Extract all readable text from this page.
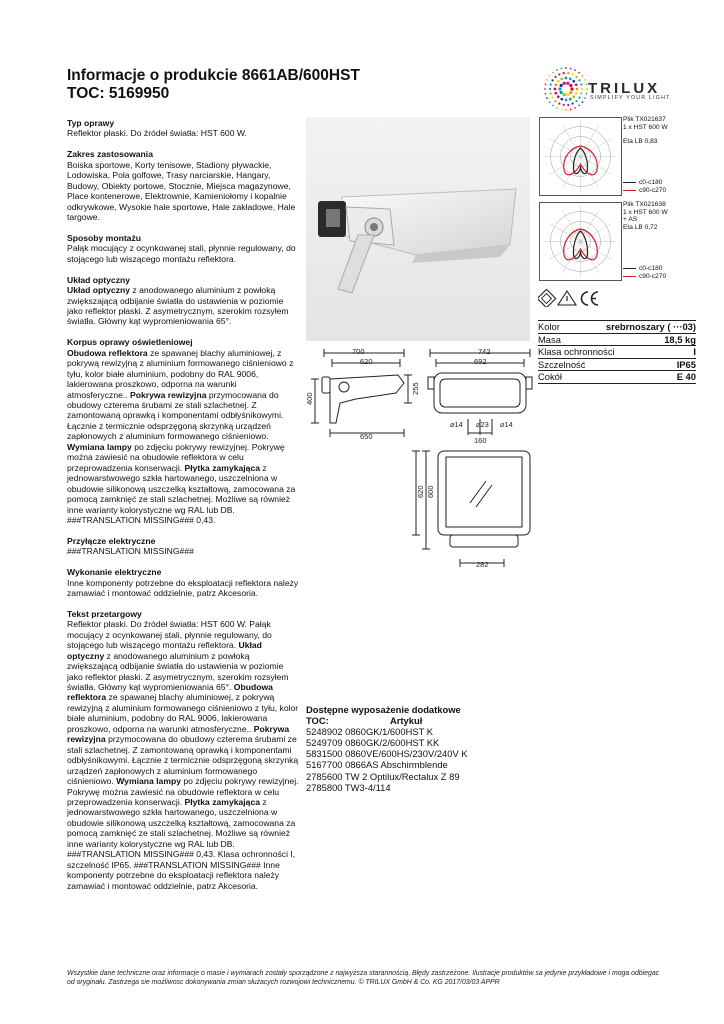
Informacje o produkcie 8661AB/600HST
TOC: 5169950	TRILUX
SIMPLIFY YOUR LIGHT.

Typ oprawy
Reflektor płaski. Do źródeł światła: HST 600 W.

Zakres zastosowania
Boiska sportowe, Korty tenisowe, Stadiony pływackie, Lodowiska, Pola golfowe, Trasy narciarskie, Hangary, Budowy, Obiekty portowe, Stocznie, Miejsca magazynowe, Place kontenerowe, Elektrownie, Kamieniołomy i kopalnie odkrywkowe, Wysokie hale sportowe, Hale zakładowe, Hale targowe.

Sposoby montażu
Pałąk mocujący z ocynkowanej stali, płynnie regulowany, do stojącego lub wiszącego montażu reflektora.

Układ optyczny
Układ optyczny z anodowanego aluminium z powłoką zwiększającą odbijanie światła do ustawienia w poziomie jako reflektor płaski. Z asymetrycznym, szerokim rozsyłem światła. Główny kąt wypromieniowania 65°.

Korpus oprawy oświetleniowej
Obudowa reflektora ze spawanej blachy aluminiowej, z pokrywą rewizyjną z aluminium formowanego ciśnieniowo z tyłu, kolor białe aluminium, podobny do RAL 9006, lakierowana proszkowo, odporna na warunki atmosferyczne.. Pokrywa rewizyjna przymocowana do obudowy czterema śrubami ze stali szlachetnej. Z zamontowaną oprawką i komponentami odbłyśnikowymi. Łącznie z termicznie odsprzęgoną skrzynką urządzeń zapłonowych z aluminium formowanego ciśnieniowo. Wymiana lampy po zdjęciu pokrywy rewizyjnej. Pokrywę można zawiesić na obudowie reflektora w celu przeprowadzenia konserwacji. Płytka zamykająca z jednowarstwowego szkła hartowanego, uszczelniona w obudowie silikonową uszczelką kształtową, zamocowana za pomocą zamknięć ze stali szlachetnej. Możliwe są również inne warianty kolorystyczne wg RAL lub DB. ###TRANSLATION MISSING### 0,43.

Przyłącze elektryczne
###TRANSLATION MISSING###

Wykonanie elektryczne
Inne komponenty potrzebne do eksploatacji reflektora należy zamawiać i montować oddzielnie, patrz Akcesoria.

Tekst przetargowy
Reflektor płaski. Do źródeł światła: HST 600 W. Pałąk mocujący z ocynkowanej stali, płynnie regulowany, do stojącego lub wiszącego montażu reflektora. Układ optyczny z anodowanego aluminium z powłoką zwiększającą odbijanie światła do ustawienia w poziomie jako reflektor płaski. Z asymetrycznym, szerokim rozsyłem światła. Główny kąt wypromieniowania 65°. Obudowa reflektora ze spawanej blachy aluminiowej, z pokrywą rewizyjną z aluminium formowanego ciśnieniowo z tyłu, kolor białe aluminium, podobny do RAL 9006, lakierowana proszkowo, odporna na warunki atmosferyczne.. Pokrywa rewizyjna przymocowana do obudowy czterema śrubami ze stali szlachetnej. Z zamontowaną oprawką i komponentami odbłyśnikowymi. Łącznie z termicznie odsprzęgoną skrzynką urządzeń zapłonowych z aluminium formowanego ciśnieniowo. Wymiana lampy po zdjęciu pokrywy rewizyjnej. Pokrywę można zawiesić na obudowie reflektora w celu przeprowadzenia konserwacji. Płytka zamykająca z jednowarstwowego szkła hartowanego, uszczelniona w obudowie silikonową uszczelką kształtową, zamocowana za pomocą zamknięć ze stali szlachetnej. Możliwe są również inne warianty kolorystyczne wg RAL lub DB. ###TRANSLATION MISSING### 0,43. Klasa ochronności I, szczelność IP65. ###TRANSLATION MISSING### Inne komponenty potrzebne do eksploatacji reflektora należy zamawiać i montować oddzielnie, patrz Akcesoria.

Plik TX021637
1 x HST 600 W
Eta LB 0,83
c0-c180
c90-c270
Plik TX021638
1 x HST 600 W
+ AS
Eta LB 0,72
c0-c180
c90-c270
Kolor	srebrnoszary ( ···03)
Masa	18,5 kg
Klasa ochronności	I
Szczelność	IP65
Cokół	E 40
700
620
400
255
650
742
692
⌀14 ⌀23 ⌀14
160
620 600
282
Dostępne wyposażenie dodatkowe
TOC:	Artykuł
5248902 0860GK/1/600HST K
5249709 0860GK/2/600HST KK
5831500 0860VE/600HS/230V/240V K
5167700 0866AS Abschirmblende
2785600 TW 2 Optilux/Rectalux Z 89
2785800 TW3-4/114
Wszystkie dane techniczne oraz informacje o masie i wymiarach zostały sporządzone z najwyższa starannością. Błędy zastrzeżone. Ilustracje produktów sa jedynie przykładowe i moga odbiegac od oryginału. Zastrzega sie możliwosc dokonywania zmian służacych rozwojowi technicznemu. © TRILUX GmbH & Co. KG 2017/03/03 APPR
